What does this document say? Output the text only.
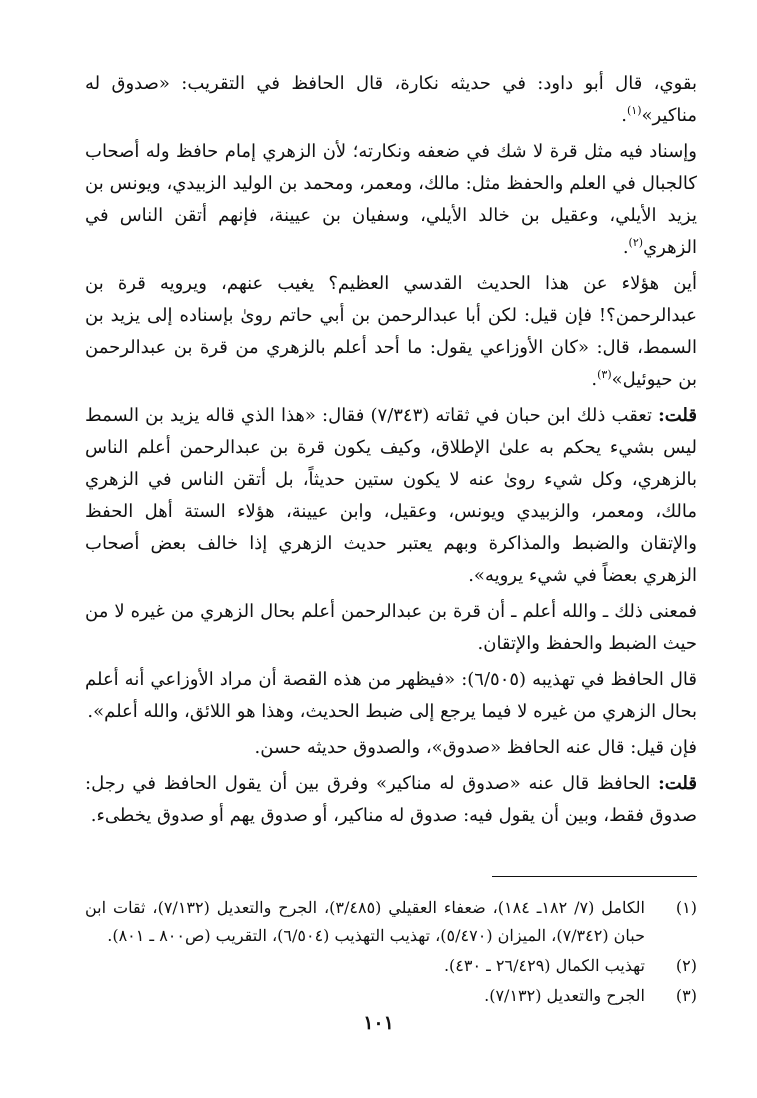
بقوي، قال أبو داود: في حديثه نكارة، قال الحافظ في التقريب: «صدوق له مناكير»$^{(١)}$.

وإسناد فيه مثل قرة لا شك في ضعفه ونكارته؛ لأن الزهري إمام حافظ وله أصحاب كالجبال في العلم والحفظ مثل: مالك، ومعمر، ومحمد بن الوليد الزبيدي، ويونس بن يزيد الأيلي، وعقيل بن خالد الأيلي، وسفيان بن عيينة، فإنهم أتقن الناس في الزهري$^{(٢)}$.

أين هؤلاء عن هذا الحديث القدسي العظيم؟ يغيب عنهم، ويرويه قرة بن عبدالرحمن؟! فإن قيل: لكن أبا عبدالرحمن بن أبي حاتم روىٰ بإسناده إلى يزيد بن السمط، قال: «كان الأوزاعي يقول: ما أحد أعلم بالزهري من قرة بن عبدالرحمن بن حيوئيل»$^{(٣)}$.

قلت: تعقب ذلك ابن حبان في ثقاته (٧/٣٤٣) فقال: «هذا الذي قاله يزيد بن السمط ليس بشيء يحكم به علىٰ الإطلاق، وكيف يكون قرة بن عبدالرحمن أعلم الناس بالزهري، وكل شيء روىٰ عنه لا يكون ستين حديثاً، بل أتقن الناس في الزهري مالك، ومعمر، والزبيدي ويونس، وعقيل، وابن عيينة، هؤلاء الستة أهل الحفظ والإتقان والضبط والمذاكرة وبهم يعتبر حديث الزهري إذا خالف بعض أصحاب الزهري بعضاً في شيء يرويه».

فمعنى ذلك ـ والله أعلم ـ أن قرة بن عبدالرحمن أعلم بحال الزهري من غيره لا من حيث الضبط والحفظ والإتقان.

قال الحافظ في تهذيبه (٦/٥٠٥): «فيظهر من هذه القصة أن مراد الأوزاعي أنه أعلم بحال الزهري من غيره لا فيما يرجع إلى ضبط الحديث، وهذا هو اللائق، والله أعلم».

فإن قيل: قال عنه الحافظ «صدوق»، والصدوق حديثه حسن.

قلت: الحافظ قال عنه «صدوق له مناكير» وفرق بين أن يقول الحافظ في رجل: صدوق فقط، وبين أن يقول فيه: صدوق له مناكير، أو صدوق يهم أو صدوق يخطىء.

(١)
الكامل (٧/ ١٨٢ـ ١٨٤)، ضعفاء العقيلي (٣/٤٨٥)، الجرح والتعديل (٧/١٣٢)، ثقات ابن حبان (٧/٣٤٢)، الميزان (٥/٤٧٠)، تهذيب التهذيب (٦/٥٠٤)، التقريب (ص٨٠٠ ـ ٨٠١).
(٢)
تهذيب الكمال (٢٦/٤٢٩ ـ ٤٣٠).
(٣)
الجرح والتعديل (٧/١٣٢).
١٠١
